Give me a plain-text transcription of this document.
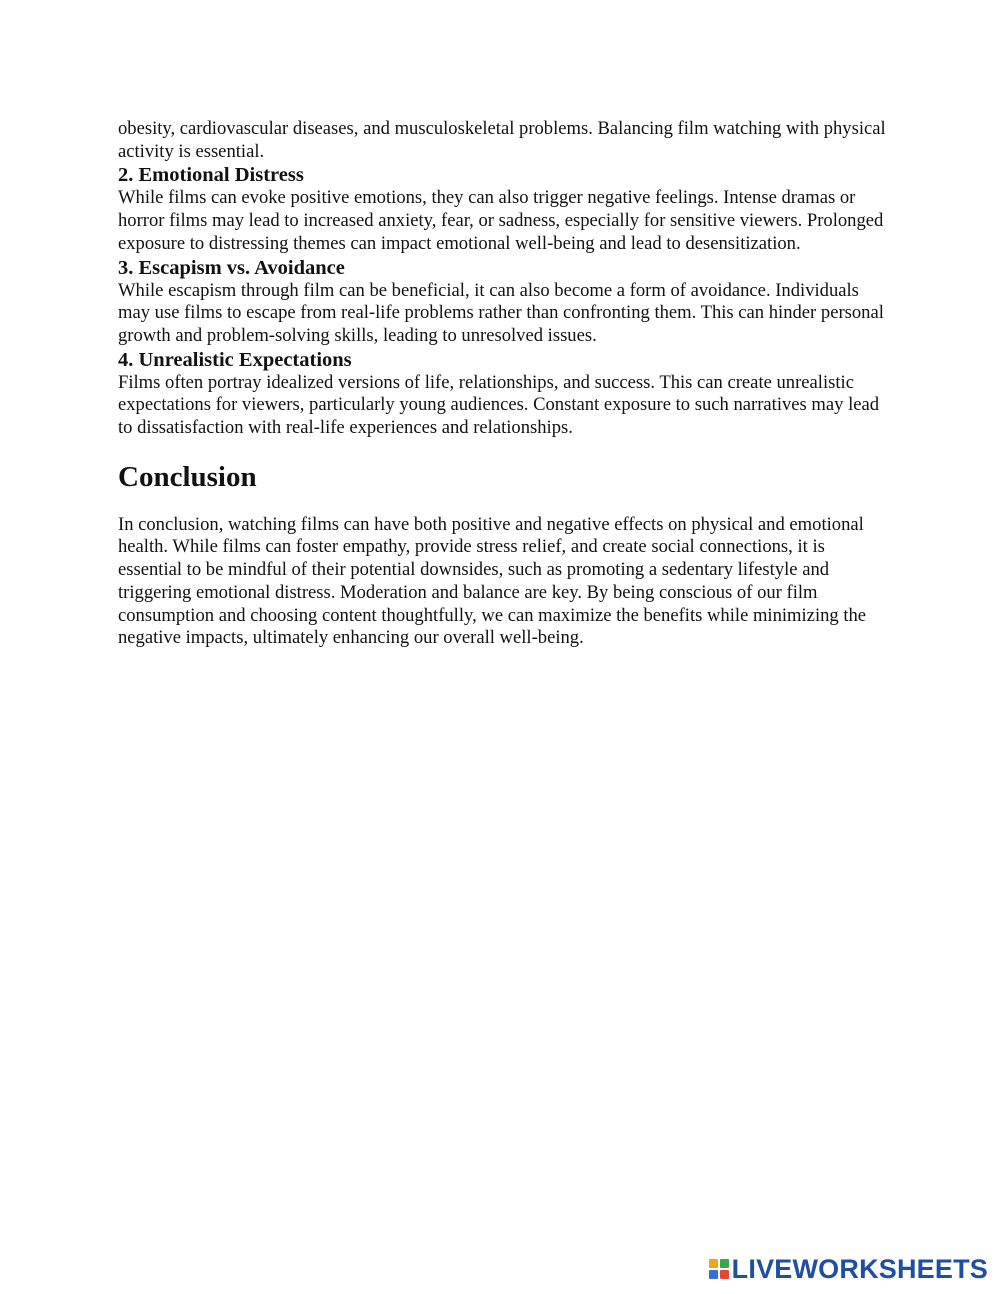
obesity, cardiovascular diseases, and musculoskeletal problems. Balancing film watching with physical activity is essential.

2. Emotional Distress

While films can evoke positive emotions, they can also trigger negative feelings. Intense dramas or horror films may lead to increased anxiety, fear, or sadness, especially for sensitive viewers. Prolonged exposure to distressing themes can impact emotional well-being and lead to desensitization.

3. Escapism vs. Avoidance

While escapism through film can be beneficial, it can also become a form of avoidance. Individuals may use films to escape from real-life problems rather than confronting them. This can hinder personal growth and problem-solving skills, leading to unresolved issues.

4. Unrealistic Expectations

Films often portray idealized versions of life, relationships, and success. This can create unrealistic expectations for viewers, particularly young audiences. Constant exposure to such narratives may lead to dissatisfaction with real-life experiences and relationships.

Conclusion

In conclusion, watching films can have both positive and negative effects on physical and emotional health. While films can foster empathy, provide stress relief, and create social connections, it is essential to be mindful of their potential downsides, such as promoting a sedentary lifestyle and triggering emotional distress. Moderation and balance are key. By being conscious of our film consumption and choosing content thoughtfully, we can maximize the benefits while minimizing the negative impacts, ultimately enhancing our overall well-being.

LIVEWORKSHEETS
